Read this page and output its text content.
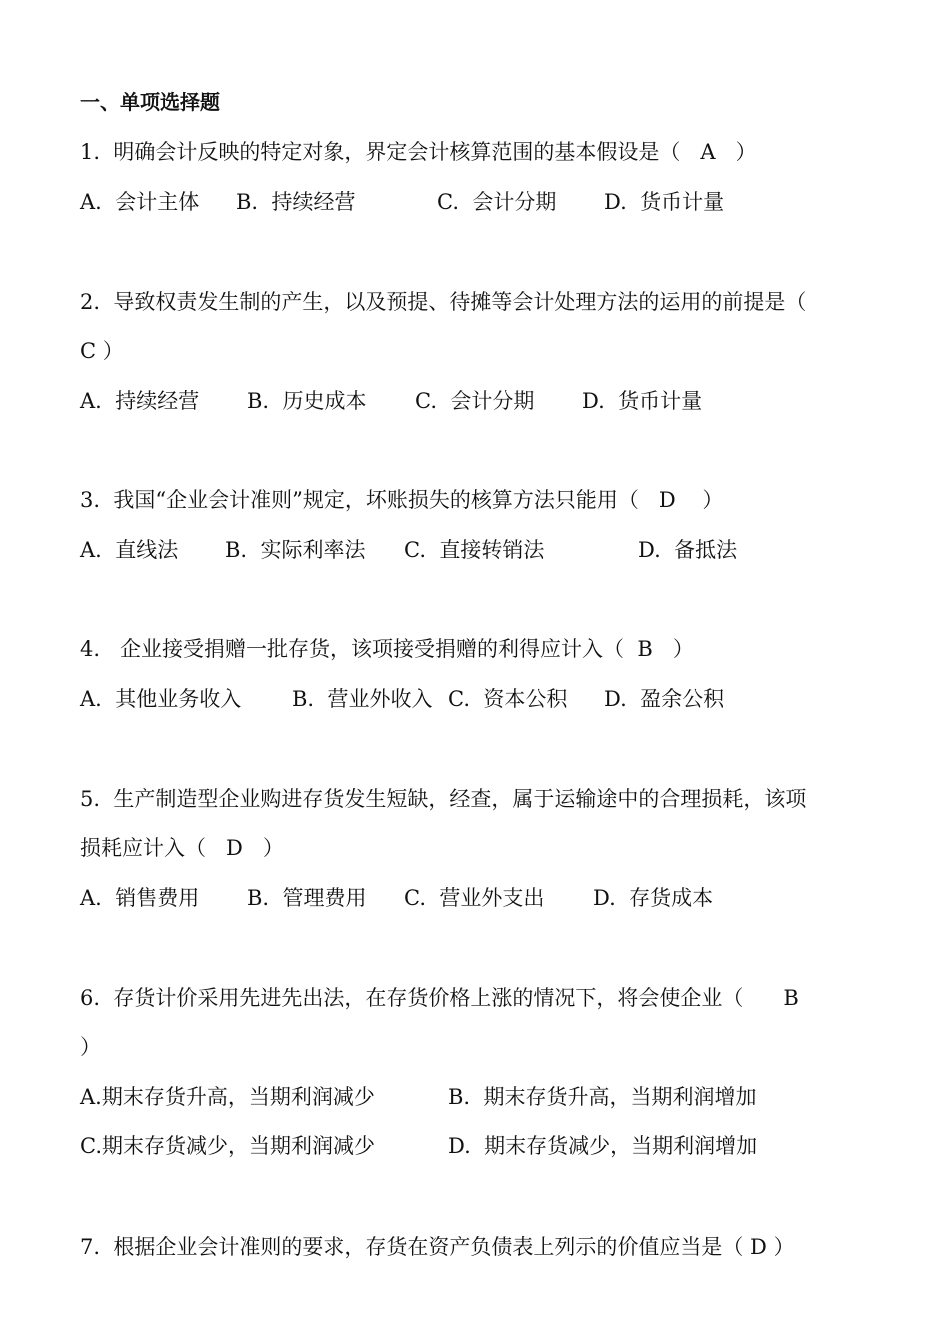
一、单项选择题
1.  明确会计反映的特定对象，界定会计核算范围的基本假设是（   A   ）
A.  会计主体 B.  持续经营	C.  会计分期 D.  货币计量
2.  导致权责发生制的产生，以及预提、待摊等会计处理方法的运用的前提是（
C ）
A.  持续经营 B.  历史成本 C.  会计分期 D.  货币计量
3.  我国“企业会计准则”规定，坏账损失的核算方法只能用（   D    ）
A.  直线法 B.  实际利率法 C.  直接转销法	D.  备抵法
4.   企业接受捐赠一批存货，该项接受捐赠的利得应计入（  B   ）
A.  其他业务收入 B.  营业外收入 C.  资本公积 D.  盈余公积
5.  生产制造型企业购进存货发生短缺，经查，属于运输途中的合理损耗，该项
损耗应计入（   D   ）
A.  销售费用 B.  管理费用 C.  营业外支出 D.  存货成本
6.  存货计价采用先进先出法，在存货价格上涨的情况下，将会使企业（      B
）
A.期末存货升高，当期利润减少	B.  期末存货升高，当期利润增加
C.期末存货减少，当期利润减少	D.  期末存货减少，当期利润增加
7.  根据企业会计准则的要求，存货在资产负债表上列示的价值应当是（ D ）
